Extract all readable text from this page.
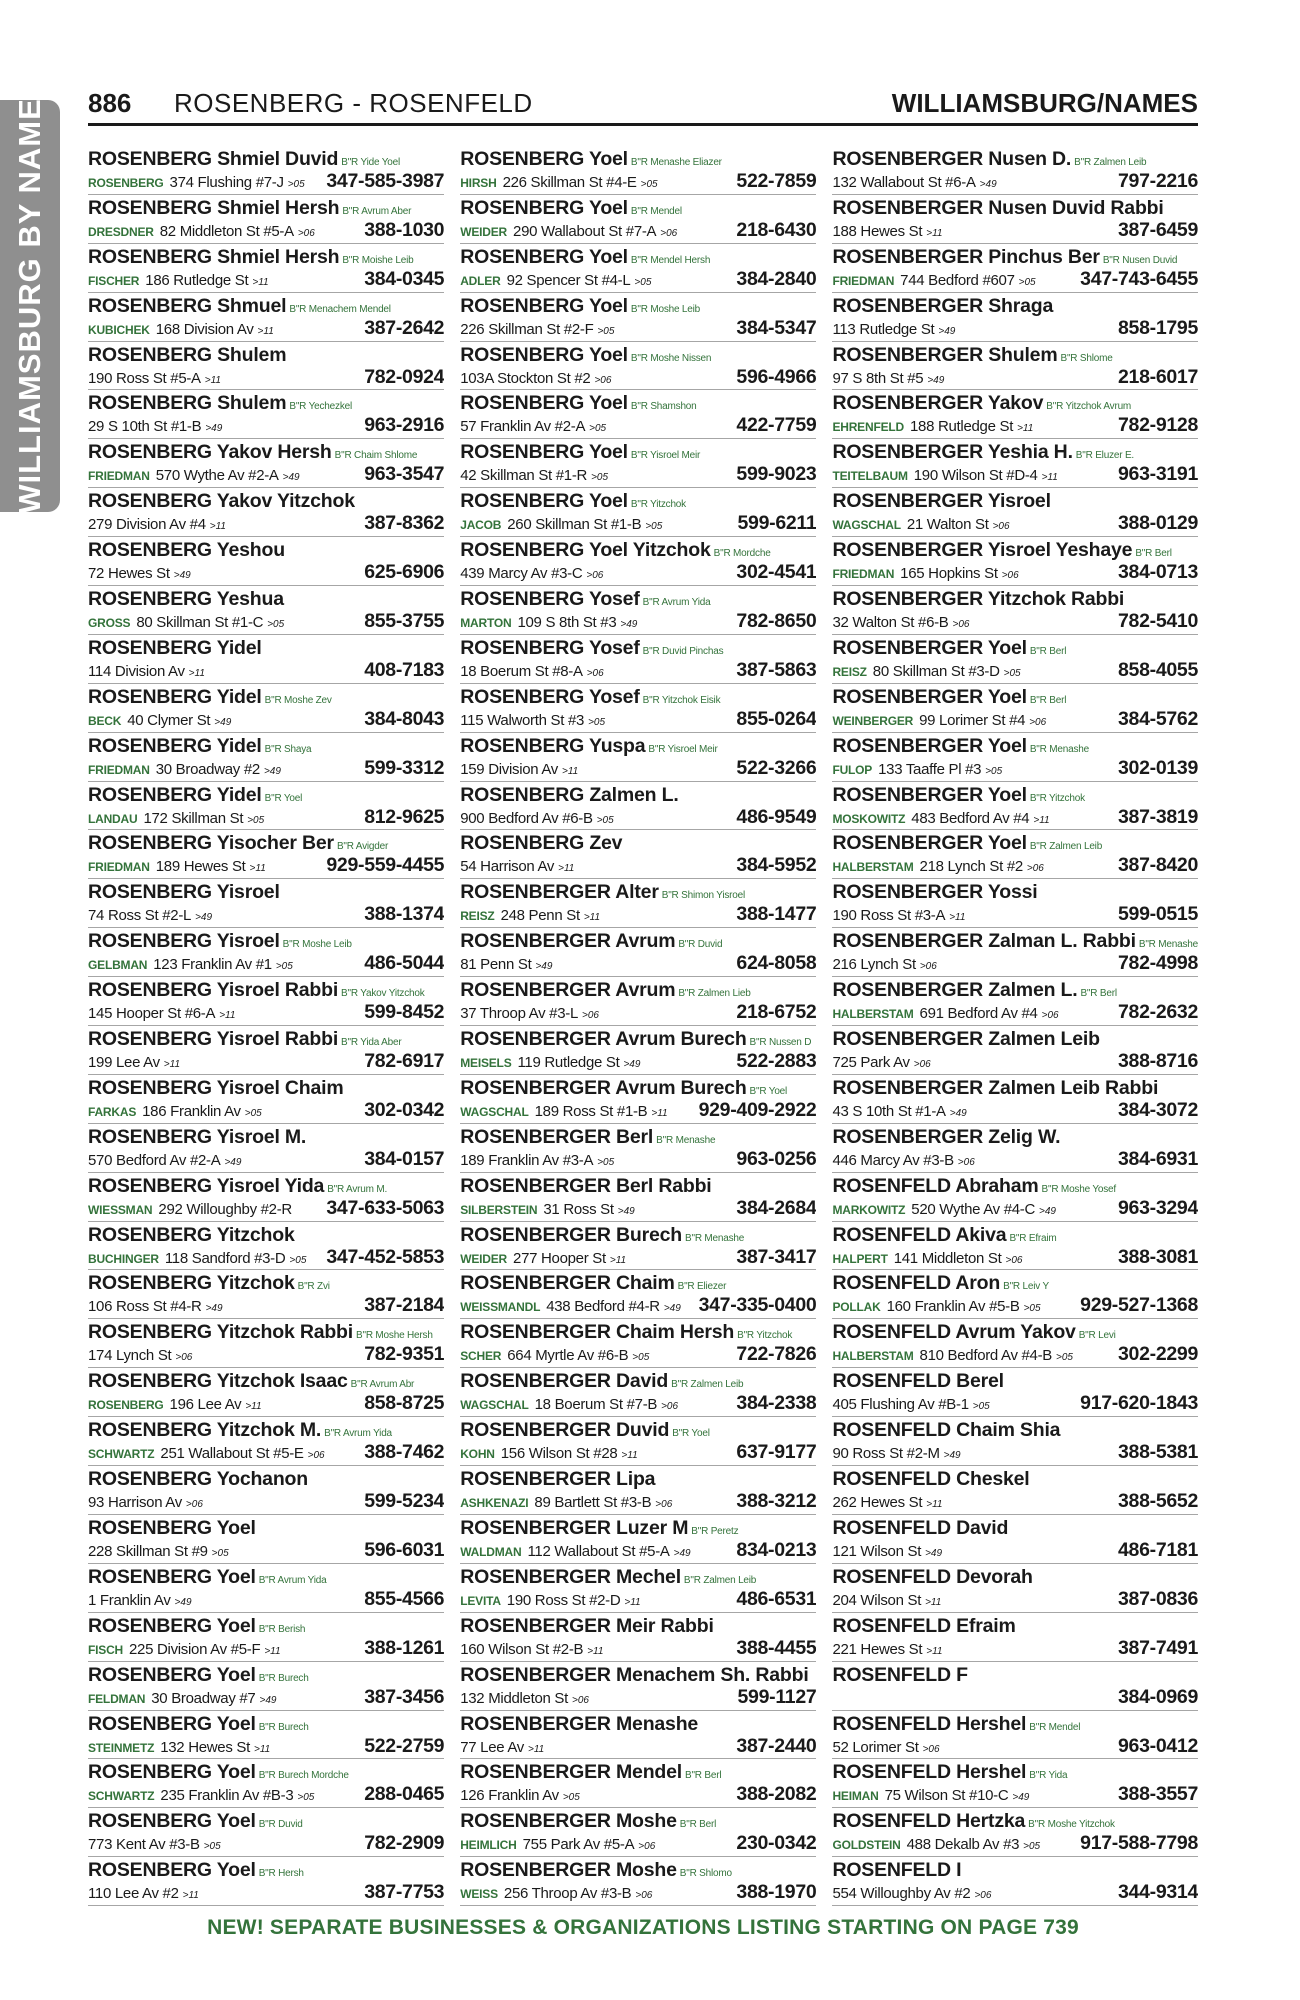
WILLIAMSBURG BY NAME 886 ROSENBERG - ROSENFELD	WILLIAMSBURG/NAMES
ROSENBERG Shmiel Duvid B"R Yide Yoel
ROSENBERG 374 Flushing #7-J >05 347-585-3987
ROSENBERG Shmiel Hersh B"R Avrum Aber
DRESDNER 82 Middleton St #5-A >06	388-1030
ROSENBERG Shmiel Hersh B"R Moishe Leib
FISCHER 186 Rutledge St >11	384-0345
ROSENBERG Shmuel B"R Menachem Mendel
KUBICHEK 168 Division Av >11	387-2642
ROSENBERG Shulem
190 Ross St #5-A >11	782-0924
ROSENBERG Shulem B"R Yechezkel
29 S 10th St #1-B >49	963-2916
ROSENBERG Yakov Hersh B"R Chaim Shlome
FRIEDMAN 570 Wythe Av #2-A >49	963-3547
ROSENBERG Yakov Yitzchok
279 Division Av #4 >11	387-8362
ROSENBERG Yeshou
72 Hewes St >49	625-6906
ROSENBERG Yeshua
GROSS 80 Skillman St #1-C >05	855-3755
ROSENBERG Yidel
114 Division Av >11	408-7183
ROSENBERG Yidel B"R Moshe Zev
BECK 40 Clymer St >49	384-8043
ROSENBERG Yidel B"R Shaya
FRIEDMAN 30 Broadway #2 >49	599-3312
ROSENBERG Yidel B"R Yoel
LANDAU 172 Skillman St >05	812-9625
ROSENBERG Yisocher Ber B"R Avigder
FRIEDMAN 189 Hewes St >11	929-559-4455
ROSENBERG Yisroel
74 Ross St #2-L >49	388-1374
ROSENBERG Yisroel B"R Moshe Leib
GELBMAN 123 Franklin Av #1 >05	486-5044
ROSENBERG Yisroel Rabbi B"R Yakov Yitzchok
145 Hooper St #6-A >11	599-8452
ROSENBERG Yisroel Rabbi B"R Yida Aber
199 Lee Av >11	782-6917
ROSENBERG Yisroel Chaim
FARKAS 186 Franklin Av >05	302-0342
ROSENBERG Yisroel M.
570 Bedford Av #2-A >49	384-0157
ROSENBERG Yisroel Yida B"R Avrum M.
WIESSMAN 292 Willoughby #2-R 347-633-5063
ROSENBERG Yitzchok
BUCHINGER 118 Sandford #3-D >05 347-452-5853
ROSENBERG Yitzchok B"R Zvi
106 Ross St #4-R >49	387-2184
ROSENBERG Yitzchok Rabbi B"R Moshe Hersh
174 Lynch St >06	782-9351
ROSENBERG Yitzchok Isaac B"R Avrum Abr
ROSENBERG 196 Lee Av >11	858-8725
ROSENBERG Yitzchok M. B"R Avrum Yida
SCHWARTZ 251 Wallabout St #5-E >06 388-7462
ROSENBERG Yochanon
93 Harrison Av >06	599-5234
ROSENBERG Yoel
228 Skillman St #9 >05	596-6031
ROSENBERG Yoel B"R Avrum Yida
1 Franklin Av >49	855-4566
ROSENBERG Yoel B"R Berish
FISCH 225 Division Av #5-F >11	388-1261
ROSENBERG Yoel B"R Burech
FELDMAN 30 Broadway #7 >49	387-3456
ROSENBERG Yoel B"R Burech
STEINMETZ 132 Hewes St >11	522-2759
ROSENBERG Yoel B"R Burech Mordche
SCHWARTZ 235 Franklin Av #B-3 >05	288-0465
ROSENBERG Yoel B"R Duvid
773 Kent Av #3-B >05	782-2909
ROSENBERG Yoel B"R Hersh
110 Lee Av #2 >11	387-7753
ROSENBERG Yoel B"R Menashe Eliazer
HIRSH 226 Skillman St #4-E >05	522-7859
ROSENBERG Yoel B"R Mendel
WEIDER 290 Wallabout St #7-A >06	218-6430
ROSENBERG Yoel B"R Mendel Hersh
ADLER 92 Spencer St #4-L >05	384-2840
ROSENBERG Yoel B"R Moshe Leib
226 Skillman St #2-F >05	384-5347
ROSENBERG Yoel B"R Moshe Nissen
103A Stockton St #2 >06	596-4966
ROSENBERG Yoel B"R Shamshon
57 Franklin Av #2-A >05	422-7759
ROSENBERG Yoel B"R Yisroel Meir
42 Skillman St #1-R >05	599-9023
ROSENBERG Yoel B"R Yitzchok
JACOB 260 Skillman St #1-B >05	599-6211
ROSENBERG Yoel Yitzchok B"R Mordche
439 Marcy Av #3-C >06	302-4541
ROSENBERG Yosef B"R Avrum Yida
MARTON 109 S 8th St #3 >49	782-8650
ROSENBERG Yosef B"R Duvid Pinchas
18 Boerum St #8-A >06	387-5863
ROSENBERG Yosef B"R Yitzchok Eisik
115 Walworth St #3 >05	855-0264
ROSENBERG Yuspa B"R Yisroel Meir
159 Division Av >11	522-3266
ROSENBERG Zalmen L.
900 Bedford Av #6-B >05	486-9549
ROSENBERG Zev
54 Harrison Av >11	384-5952
ROSENBERGER Alter B"R Shimon Yisroel
REISZ 248 Penn St >11	388-1477
ROSENBERGER Avrum B"R Duvid
81 Penn St >49	624-8058
ROSENBERGER Avrum B"R Zalmen Lieb
37 Throop Av #3-L >06	218-6752
ROSENBERGER Avrum Burech B"R Nussen D
MEISELS 119 Rutledge St >49	522-2883
ROSENBERGER Avrum Burech B"R Yoel
WAGSCHAL 189 Ross St #1-B >11 929-409-2922
ROSENBERGER Berl B"R Menashe
189 Franklin Av #3-A >05	963-0256
ROSENBERGER Berl Rabbi
SILBERSTEIN 31 Ross St >49	384-2684
ROSENBERGER Burech B"R Menashe
WEIDER 277 Hooper St >11	387-3417
ROSENBERGER Chaim B"R Eliezer
WEISSMANDL 438 Bedford #4-R >49 347-335-0400
ROSENBERGER Chaim Hersh B"R Yitzchok
SCHER 664 Myrtle Av #6-B >05	722-7826
ROSENBERGER David B"R Zalmen Leib
WAGSCHAL 18 Boerum St #7-B >06	384-2338
ROSENBERGER Duvid B"R Yoel
KOHN 156 Wilson St #28 >11	637-9177
ROSENBERGER Lipa
ASHKENAZI 89 Bartlett St #3-B >06	388-3212
ROSENBERGER Luzer M B"R Peretz
WALDMAN 112 Wallabout St #5-A >49 834-0213
ROSENBERGER Mechel B"R Zalmen Leib
LEVITA 190 Ross St #2-D >11	486-6531
ROSENBERGER Meir Rabbi
160 Wilson St #2-B >11	388-4455
ROSENBERGER Menachem Sh. Rabbi
132 Middleton St >06	599-1127
ROSENBERGER Menashe
77 Lee Av >11	387-2440
ROSENBERGER Mendel B"R Berl
126 Franklin Av >05	388-2082
ROSENBERGER Moshe B"R Berl
HEIMLICH 755 Park Av #5-A >06	230-0342
ROSENBERGER Moshe B"R Shlomo
WEISS 256 Throop Av #3-B >06	388-1970
ROSENBERGER Nusen D. B"R Zalmen Leib
132 Wallabout St #6-A >49	797-2216
ROSENBERGER Nusen Duvid Rabbi
188 Hewes St >11	387-6459
ROSENBERGER Pinchus Ber B"R Nusen Duvid
FRIEDMAN 744 Bedford #607 >05 347-743-6455
ROSENBERGER Shraga
113 Rutledge St >49	858-1795
ROSENBERGER Shulem B"R Shlome
97 S 8th St #5 >49	218-6017
ROSENBERGER Yakov B"R Yitzchok Avrum
EHRENFELD 188 Rutledge St >11	782-9128
ROSENBERGER Yeshia H. B"R Eluzer E.
TEITELBAUM 190 Wilson St #D-4 >11	963-3191
ROSENBERGER Yisroel
WAGSCHAL 21 Walton St >06	388-0129
ROSENBERGER Yisroel Yeshaye B"R Berl
FRIEDMAN 165 Hopkins St >06	384-0713
ROSENBERGER Yitzchok Rabbi
32 Walton St #6-B >06	782-5410
ROSENBERGER Yoel B"R Berl
REISZ 80 Skillman St #3-D >05	858-4055
ROSENBERGER Yoel B"R Berl
WEINBERGER 99 Lorimer St #4 >06	384-5762
ROSENBERGER Yoel B"R Menashe
FULOP 133 Taaffe Pl #3 >05	302-0139
ROSENBERGER Yoel B"R Yitzchok
MOSKOWITZ 483 Bedford Av #4 >11	387-3819
ROSENBERGER Yoel B"R Zalmen Leib
HALBERSTAM 218 Lynch St #2 >06	387-8420
ROSENBERGER Yossi
190 Ross St #3-A >11	599-0515
ROSENBERGER Zalman L. Rabbi B"R Menashe
216 Lynch St >06	782-4998
ROSENBERGER Zalmen L. B"R Berl
HALBERSTAM 691 Bedford Av #4 >06	782-2632
ROSENBERGER Zalmen Leib
725 Park Av >06	388-8716
ROSENBERGER Zalmen Leib Rabbi
43 S 10th St #1-A >49	384-3072
ROSENBERGER Zelig W.
446 Marcy Av #3-B >06	384-6931
ROSENFELD Abraham B"R Moshe Yosef
MARKOWITZ 520 Wythe Av #4-C >49	963-3294
ROSENFELD Akiva B"R Efraim
HALPERT 141 Middleton St >06	388-3081
ROSENFELD Aron B"R Leiv Y
POLLAK 160 Franklin Av #5-B >05 929-527-1368
ROSENFELD Avrum Yakov B"R Levi
HALBERSTAM 810 Bedford Av #4-B >05 302-2299
ROSENFELD Berel
405 Flushing Av #B-1 >05	917-620-1843
ROSENFELD Chaim Shia
90 Ross St #2-M >49	388-5381
ROSENFELD Cheskel
262 Hewes St >11	388-5652
ROSENFELD David
121 Wilson St >49	486-7181
ROSENFELD Devorah
204 Wilson St >11	387-0836
ROSENFELD Efraim
221 Hewes St >11	387-7491
ROSENFELD F
384-0969
ROSENFELD Hershel B"R Mendel
52 Lorimer St >06	963-0412
ROSENFELD Hershel B"R Yida
HEIMAN 75 Wilson St #10-C >49	388-3557
ROSENFELD Hertzka B"R Moshe Yitzchok
GOLDSTEIN 488 Dekalb Av #3 >05 917-588-7798
ROSENFELD I
554 Willoughby Av #2 >06	344-9314
NEW! SEPARATE BUSINESSES & ORGANIZATIONS LISTING STARTING ON PAGE 739
